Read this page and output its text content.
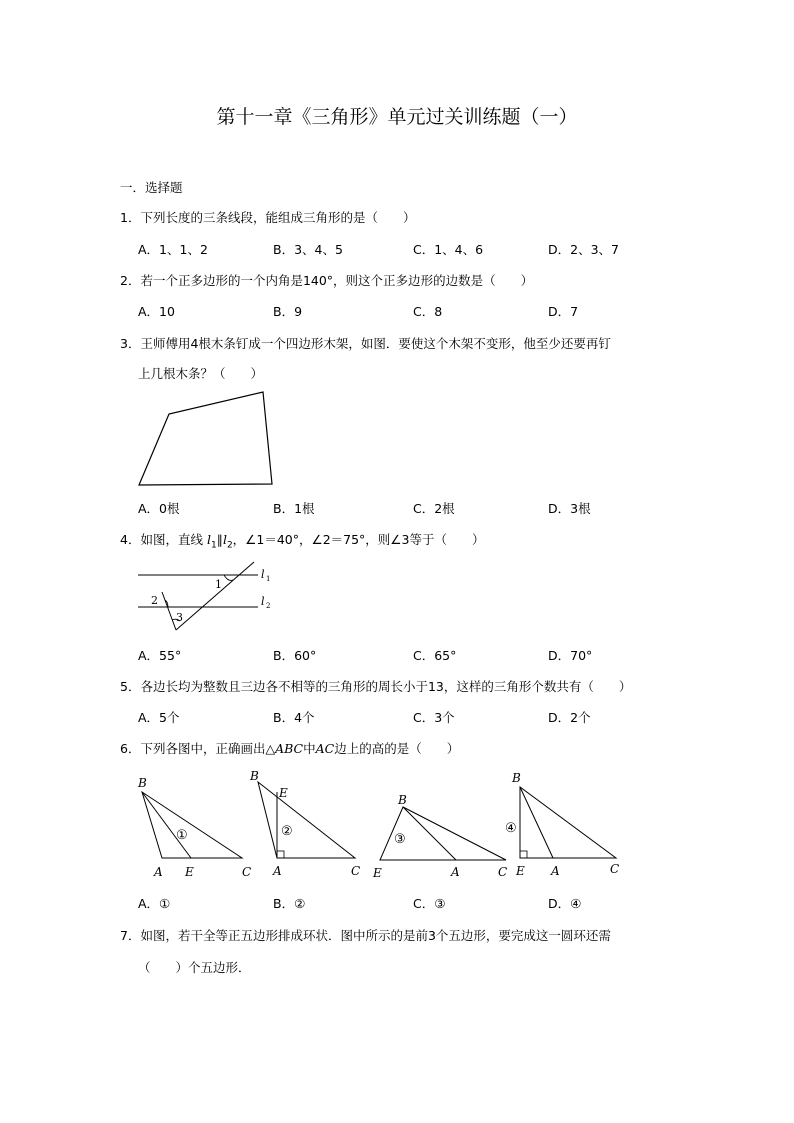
第十一章《三角形》单元过关训练题（一）
一．选择题
1．下列长度的三条线段，能组成三角形的是（　　）
A．1、1、2	B．3、4、5	C．1、4、6	D．2、3、7
2．若一个正多边形的一个内角是140°，则这个正多边形的边数是（　　）
A．10	B．9	C．8	D．7
3．王师傅用4根木条钉成一个四边形木架，如图．要使这个木架不变形，他至少还要再钉
上几根木条？（　　）
A．0根	B．1根	C．2根	D．3根
4．如图，直线 $l_1\parallel l_2$，∠1＝40°，∠2＝75°，则∠3等于（　　）
1
2
3
l 1
l 2
A．55°	B．60°	C．65°	D．70°
5．各边长均为整数且三边各不相等的三角形的周长小于13，这样的三角形个数共有（　　）
A．5个	B．4个	C．3个	D．2个
6．下列各图中，正确画出△ABC中AC边上的高的是（　　）
B
A E	C
①
B
E
A	C
②
B
E	A	C
③
B
E A	C
④
A．①	B．②	C．③	D．④
7．如图，若干全等正五边形排成环状．图中所示的是前3个五边形，要完成这一圆环还需
（　　）个五边形．
